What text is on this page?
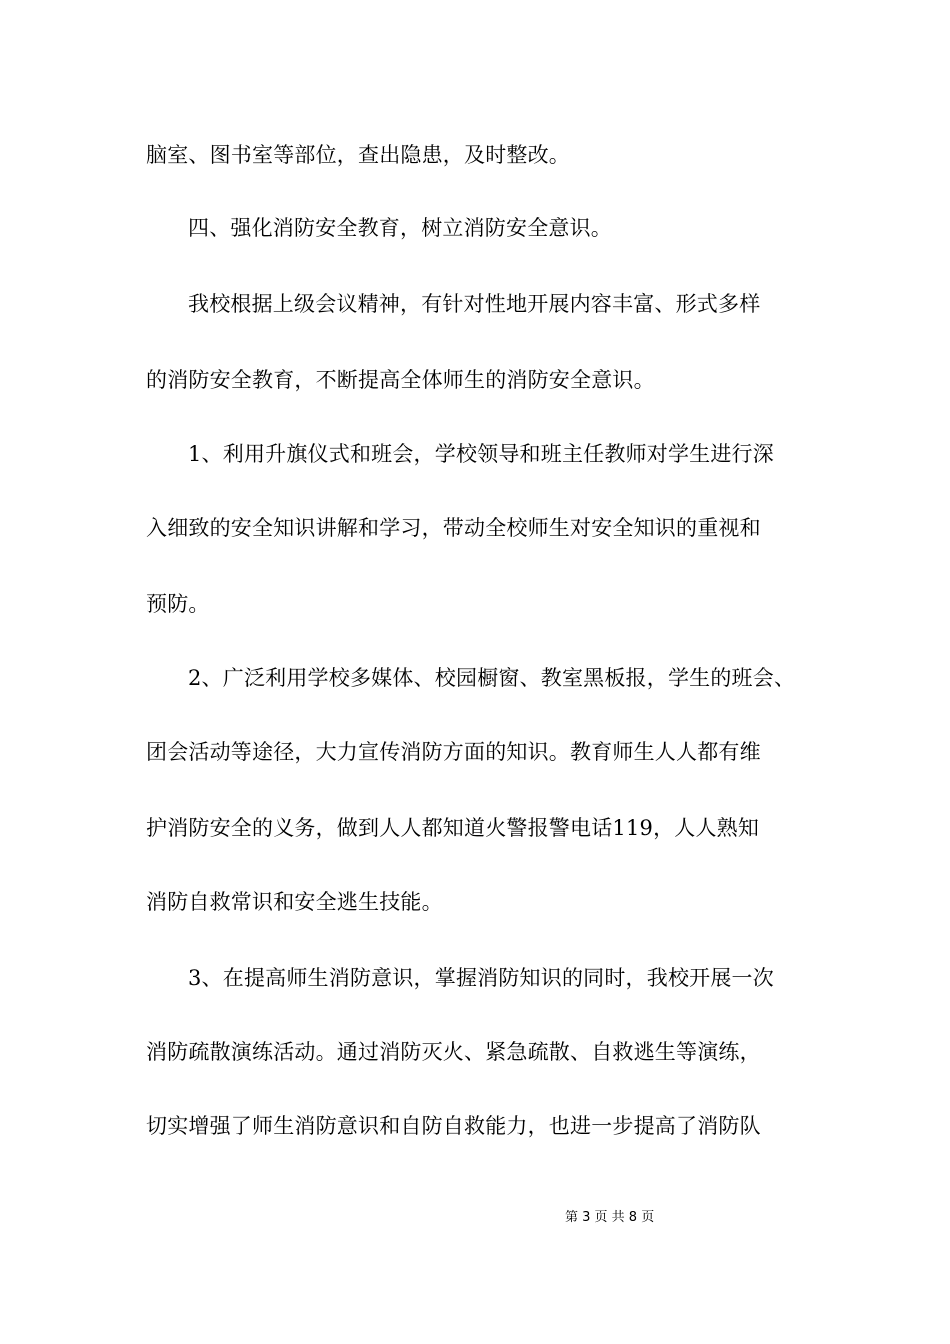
脑室、图书室等部位，查出隐患，及时整改。
四、强化消防安全教育，树立消防安全意识。
我校根据上级会议精神，有针对性地开展内容丰富、形式多样
的消防安全教育，不断提高全体师生的消防安全意识。
1、利用升旗仪式和班会，学校领导和班主任教师对学生进行深
入细致的安全知识讲解和学习，带动全校师生对安全知识的重视和
预防。
2、广泛利用学校多媒体、校园橱窗、教室黑板报，学生的班会、
团会活动等途径，大力宣传消防方面的知识。教育师生人人都有维
护消防安全的义务，做到人人都知道火警报警电话119，人人熟知
消防自救常识和安全逃生技能。
3、在提高师生消防意识，掌握消防知识的同时，我校开展一次
消防疏散演练活动。通过消防灭火、紧急疏散、自救逃生等演练，
切实增强了师生消防意识和自防自救能力，也进一步提高了消防队
第 3 页 共 8 页
